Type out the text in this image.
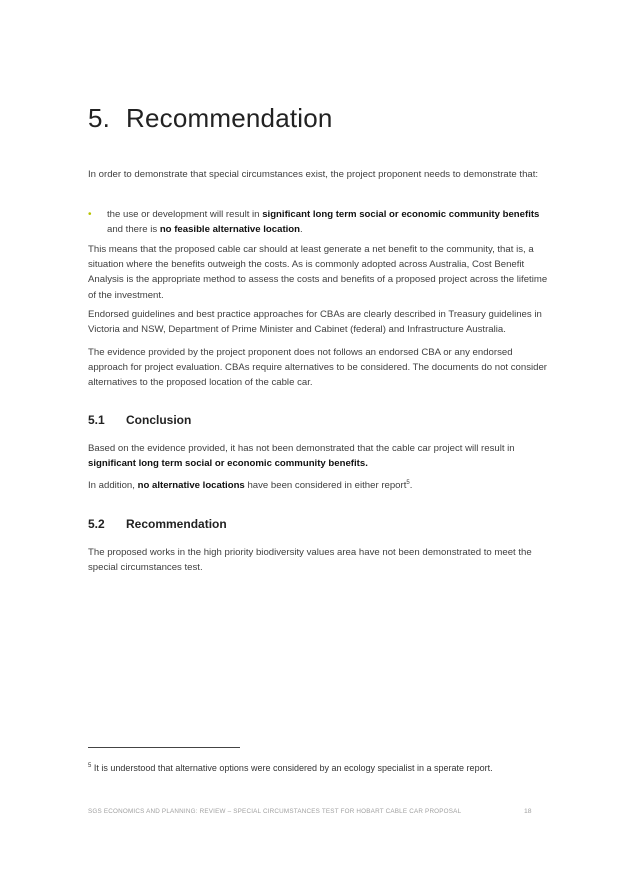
5. Recommendation

In order to demonstrate that special circumstances exist, the project proponent needs to demonstrate that:

• the use or development will result in significant long term social or economic community benefits and there is no feasible alternative location.

This means that the proposed cable car should at least generate a net benefit to the community, that is, a situation where the benefits outweigh the costs. As is commonly adopted across Australia, Cost Benefit Analysis is the appropriate method to assess the costs and benefits of a proposed project across the lifetime of the investment.

Endorsed guidelines and best practice approaches for CBAs are clearly described in Treasury guidelines in Victoria and NSW, Department of Prime Minister and Cabinet (federal) and Infrastructure Australia.

The evidence provided by the project proponent does not follows an endorsed CBA or any endorsed approach for project evaluation. CBAs require alternatives to be considered. The documents do not consider alternatives to the proposed location of the cable car.

5.1 Conclusion

Based on the evidence provided, it has not been demonstrated that the cable car project will result in significant long term social or economic community benefits.

In addition, no alternative locations have been considered in either report$^5$.

5.2 Recommendation

The proposed works in the high priority biodiversity values area have not been demonstrated to meet the special circumstances test.

$^5$ It is understood that alternative options were considered by an ecology specialist in a sperate report.

SGS ECONOMICS AND PLANNING: REVIEW – SPECIAL CIRCUMSTANCES TEST FOR HOBART CABLE CAR PROPOSAL	18
